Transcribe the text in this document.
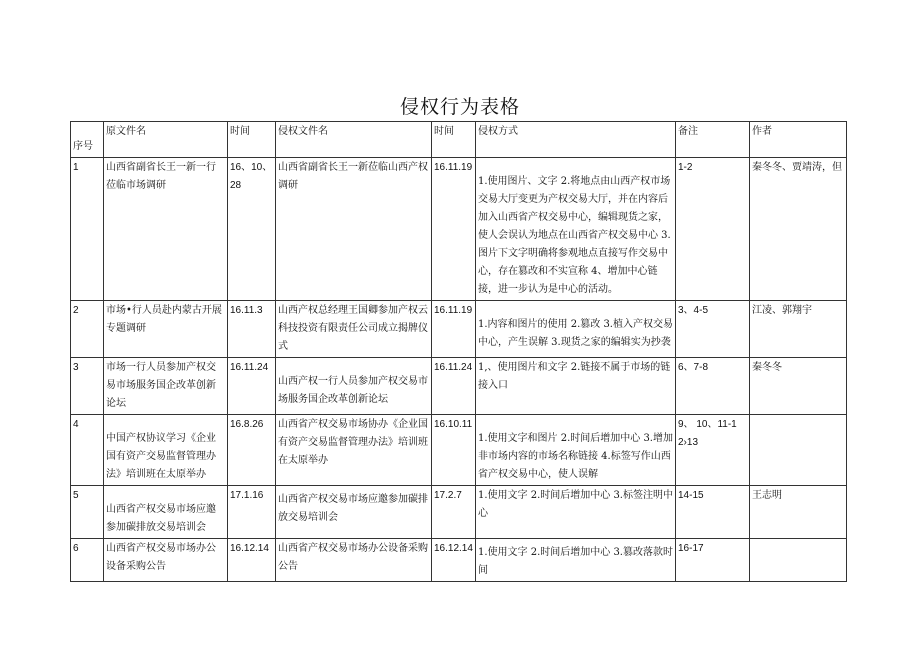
侵权行为表格
序号	原文件名	时间	侵权文件名	时间	侵权方式	备注	作者
1	山西省副省长王一新一行莅临市场调研	16、10、28	山西省副省长王一新莅临山西产权调研	16.11.19	1.使用图片、文字 2.将地点由山西产权市场交易大厅变更为产权交易大厅，并在内容后加入山西省产权交易中心，编辑现货之家，使人会误认为地点在山西省产权交易中心 3.图片下文字明确将参观地点直接写作交易中心，存在篡改和不实宣称 4、增加中心链接，进一步认为是中心的活动。	1-2	秦冬冬、贾靖涛，但
2	市场•行人员赴内蒙古开展专题调研	16.11.3	山西产权总经理王国卿参加产权云科技投资有限责任公司成立揭牌仪式	16.11.19	1.内容和图片的使用 2.篡改 3.植入产权交易中心，产生误解 3.现货之家的编辑实为抄袭	3、4-5	江凌、郭翔宇
3	市场一行人员参加产权交易市场服务国企改革创新论坛	16.11.24	山西产权一行人员参加产权交易市场服务国企改革创新论坛	16.11.24	1,、使用图片和文字 2.链接不属于市场的链接入口	6、7-8	秦冬冬
4	中国产权协议学习《企业国有资产交易监督管理办法》培训班在太原举办	16.8.26	山西省产权交易市场协办《企业国有资产交易监督管理办法》培训班在太原举办	16.10.11	1.使用文字和图片 2.时间后增加中心 3.增加非市场内容的市场名称链接 4.标签写作山西省产权交易中心，使人误解	9、 10、11-12›13	
5	山西省产权交易市场应邀参加碳排放交易培训会	17.1.16	山西省产权交易市场应邀参加碳排放交易培训会	17.2.7	1.使用文字 2.时间后增加中心 3.标签注明中心	14-15	王志明
6	山西省产权交易市场办公设备采购公告	16.12.14	山西省产权交易市场办公设备采购公告	16.12.14	1.使用文字 2.时间后增加中心 3.篡改落款时间	16-17	
